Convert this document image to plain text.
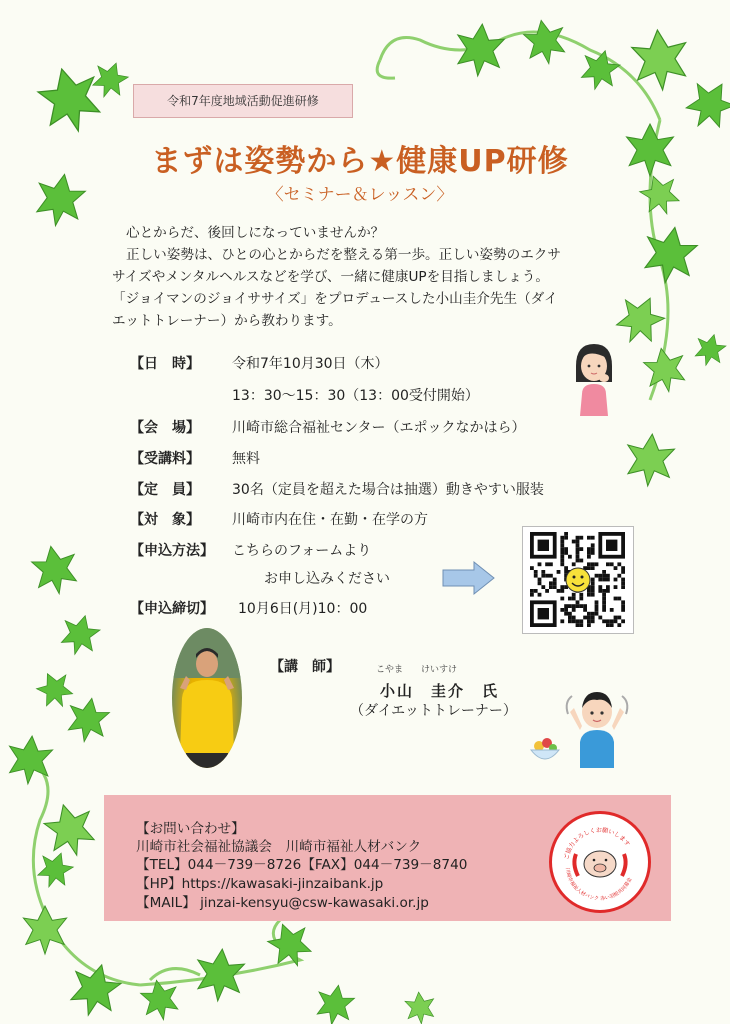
令和7年度地域活動促進研修
まずは姿勢から★健康UP研修
〈セミナー＆レッスン〉
心とからだ、後回しになっていませんか？
正しい姿勢は、ひとの心とからだを整える第一歩。正しい姿勢のエクサ
サイズやメンタルヘルスなどを学び、一緒に健康UPを目指しましょう。
「ジョイマンのジョイササイズ」をプロデュースした小山圭介先生（ダイ
エットトレーナー）から教わります。
【日　時】 令和7年10月30日（木）
13：30～15：30（13：00受付開始）
【会　場】 川崎市総合福祉センター（エポックなかはら）
【受講料】 無料
【定　員】 30名（定員を超えた場合は抽選）動きやすい服装
【対　象】 川崎市内在住・在勤・在学の方
【申込方法】 こちらのフォームより
お申し込みください
【申込締切】 10月6日(月)10：00
【講　師】	こやま　　けいすけ
小山　圭介　氏
（ダイエットトレーナー）
【お問い合わせ】
川崎市社会福祉協議会　川崎市福祉人材バンク
【TEL】044－739－8726【FAX】044－739－8740
【HP】https://kawasaki-jinzaibank.jp
【MAIL】 jinzai-kensyu@csw-kawasaki.or.jp
ご協力よろしくお願いします
川崎市福祉人材バンク 赤い羽根共同募金
